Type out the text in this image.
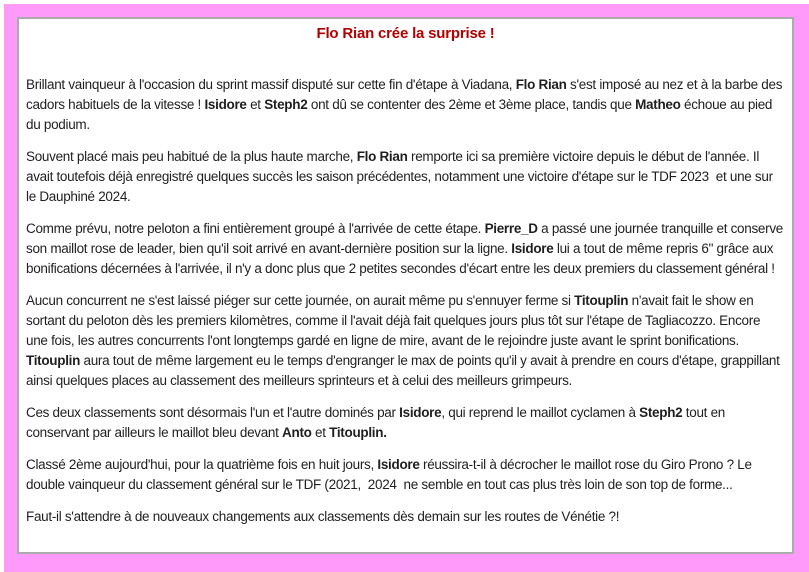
Flo Rian crée la surprise !

Brillant vainqueur à l'occasion du sprint massif disputé sur cette fin d'étape à Viadana, Flo Rian s'est imposé au nez et à la barbe des cadors habituels de la vitesse ! Isidore et Steph2 ont dû se contenter des 2ème et 3ème place, tandis que Matheo échoue au pied du podium.

Souvent placé mais peu habitué de la plus haute marche, Flo Rian remporte ici sa première victoire depuis le début de l'année. Il avait toutefois déjà enregistré quelques succès les saison précédentes, notamment une victoire d'étape sur le TDF 2023  et une sur le Dauphiné 2024.

Comme prévu, notre peloton a fini entièrement groupé à l'arrivée de cette étape. Pierre_D a passé une journée tranquille et conserve son maillot rose de leader, bien qu'il soit arrivé en avant-dernière position sur la ligne. Isidore lui a tout de même repris 6" grâce aux bonifications décernées à l'arrivée, il n'y a donc plus que 2 petites secondes d'écart entre les deux premiers du classement général !

Aucun concurrent ne s'est laissé piéger sur cette journée, on aurait même pu s'ennuyer ferme si Titouplin n'avait fait le show en sortant du peloton dès les premiers kilomètres, comme il l'avait déjà fait quelques jours plus tôt sur l'étape de Tagliacozzo. Encore une fois, les autres concurrents l'ont longtemps gardé en ligne de mire, avant de le rejoindre juste avant le sprint bonifications. Titouplin aura tout de même largement eu le temps d'engranger le max de points qu'il y avait à prendre en cours d'étape, grappillant ainsi quelques places au classement des meilleurs sprinteurs et à celui des meilleurs grimpeurs.

Ces deux classements sont désormais l'un et l'autre dominés par Isidore, qui reprend le maillot cyclamen à Steph2 tout en conservant par ailleurs le maillot bleu devant Anto et Titouplin.

Classé 2ème aujourd'hui, pour la quatrième fois en huit jours, Isidore réussira-t-il à décrocher le maillot rose du Giro Prono ? Le double vainqueur du classement général sur le TDF (2021,  2024  ne semble en tout cas plus très loin de son top de forme...

Faut-il s'attendre à de nouveaux changements aux classements dès demain sur les routes de Vénétie ?!
